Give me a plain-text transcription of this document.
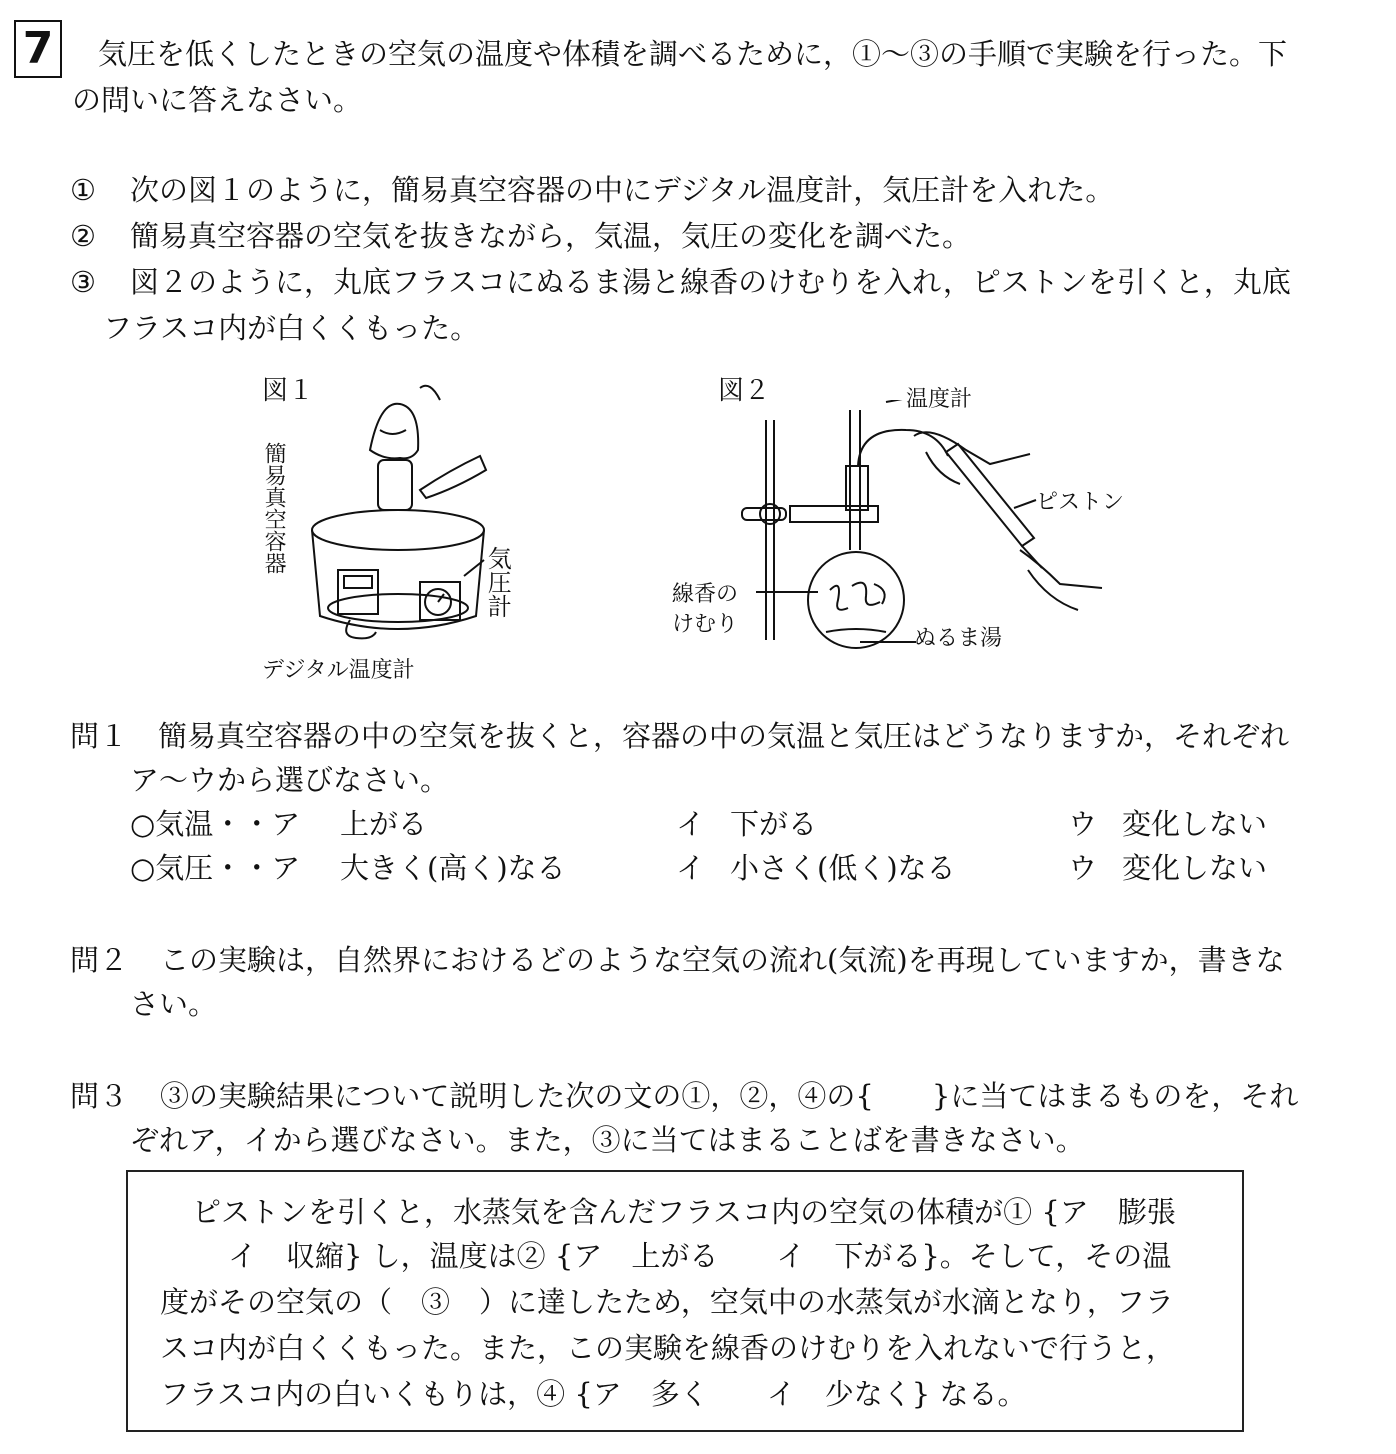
7 気圧を低くしたときの空気の温度や体積を調べるために，①～③の手順で実験を行った。下
の問いに答えなさい。
① 次の図１のように，簡易真空容器の中にデジタル温度計，気圧計を入れた。
② 簡易真空容器の空気を抜きながら，気温，気圧の変化を調べた。
③ 図２のように，丸底フラスコにぬるま湯と線香のけむりを入れ，ピストンを引くと，丸底
フラスコ内が白くくもった。
図１
簡易真空容器
気圧計
デジタル温度計
図２	温度計
ピストン
線香の
けむり
ぬるま湯
問１ 簡易真空容器の中の空気を抜くと，容器の中の気温と気圧はどうなりますか，それぞれ
ア～ウから選びなさい。
○気温・・ア 上がる	イ 下がる	ウ 変化しない
○気圧・・ア 大きく(高く)なる	イ 小さく(低く)なる	ウ 変化しない
問２ この実験は，自然界におけるどのような空気の流れ(気流)を再現していますか，書きな
さい。
問３ ③の実験結果について説明した次の文の①，②，④の{　　}に当てはまるものを，それ
ぞれア，イから選びなさい。また，③に当てはまることばを書きなさい。
ピストンを引くと，水蒸気を含んだフラスコ内の空気の体積が① {ア　膨張
イ　収縮} し，温度は② {ア　上がる　　イ　下がる}。そして，その温
度がその空気の（　③　）に達したため，空気中の水蒸気が水滴となり，フラ
スコ内が白くくもった。また，この実験を線香のけむりを入れないで行うと，
フラスコ内の白いくもりは，④ {ア　多く　　イ　少なく} なる。
